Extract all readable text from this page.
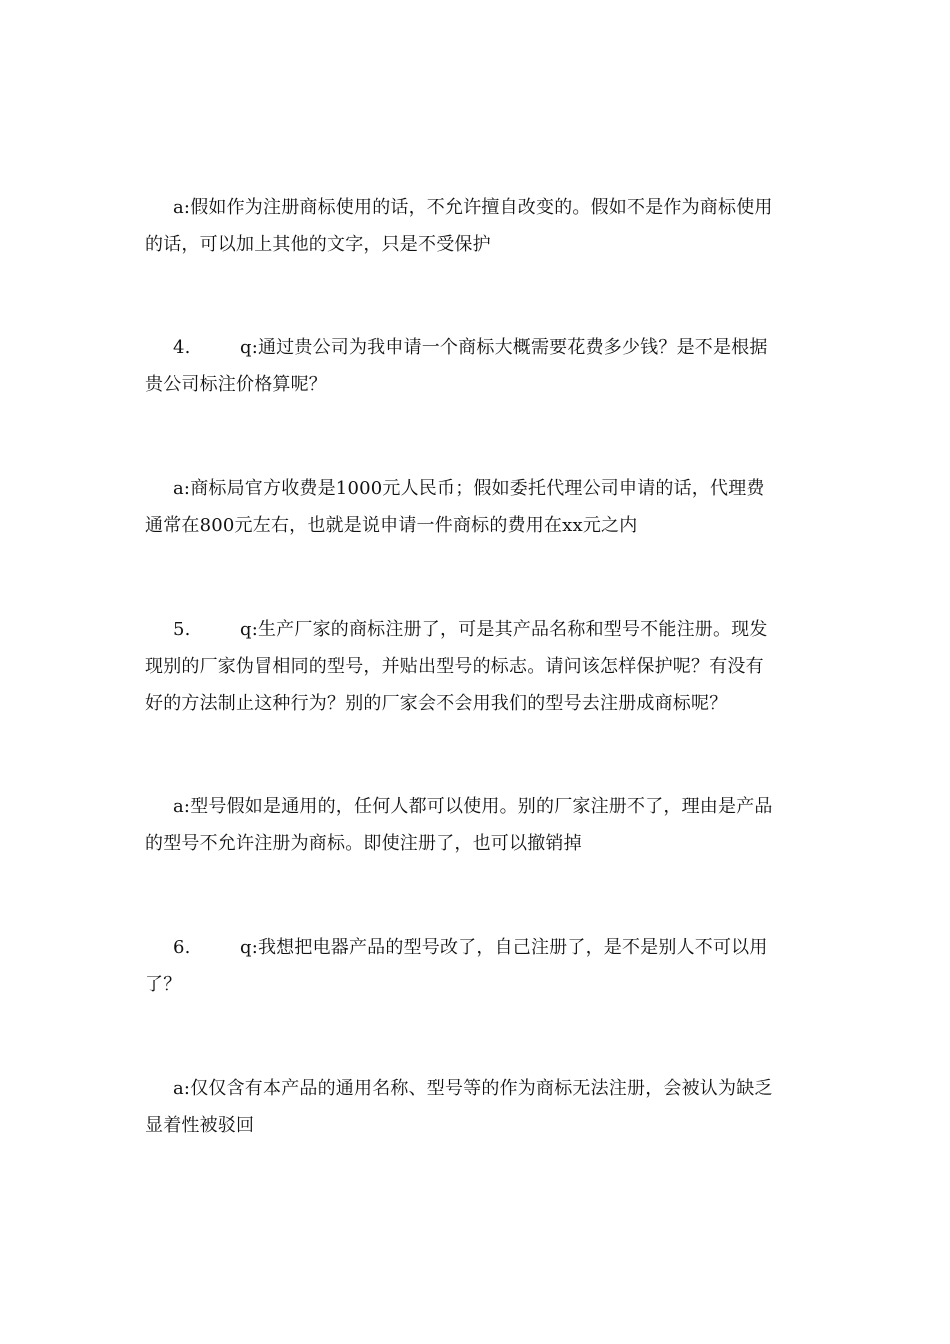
a:假如作为注册商标使用的话，不允许擅自改变的。假如不是作为商标使用
的话，可以加上其他的文字，只是不受保护
4.	q:通过贵公司为我申请一个商标大概需要花费多少钱？是不是根据
贵公司标注价格算呢？
a:商标局官方收费是1000元人民币；假如委托代理公司申请的话，代理费
通常在800元左右，也就是说申请一件商标的费用在xx元之内
5.	q:生产厂家的商标注册了，可是其产品名称和型号不能注册。现发
现别的厂家伪冒相同的型号，并贴出型号的标志。请问该怎样保护呢？有没有
好的方法制止这种行为？别的厂家会不会用我们的型号去注册成商标呢？
a:型号假如是通用的，任何人都可以使用。别的厂家注册不了，理由是产品
的型号不允许注册为商标。即使注册了，也可以撤销掉
6.	q:我想把电器产品的型号改了，自己注册了，是不是别人不可以用
了？
a:仅仅含有本产品的通用名称、型号等的作为商标无法注册，会被认为缺乏
显着性被驳回
